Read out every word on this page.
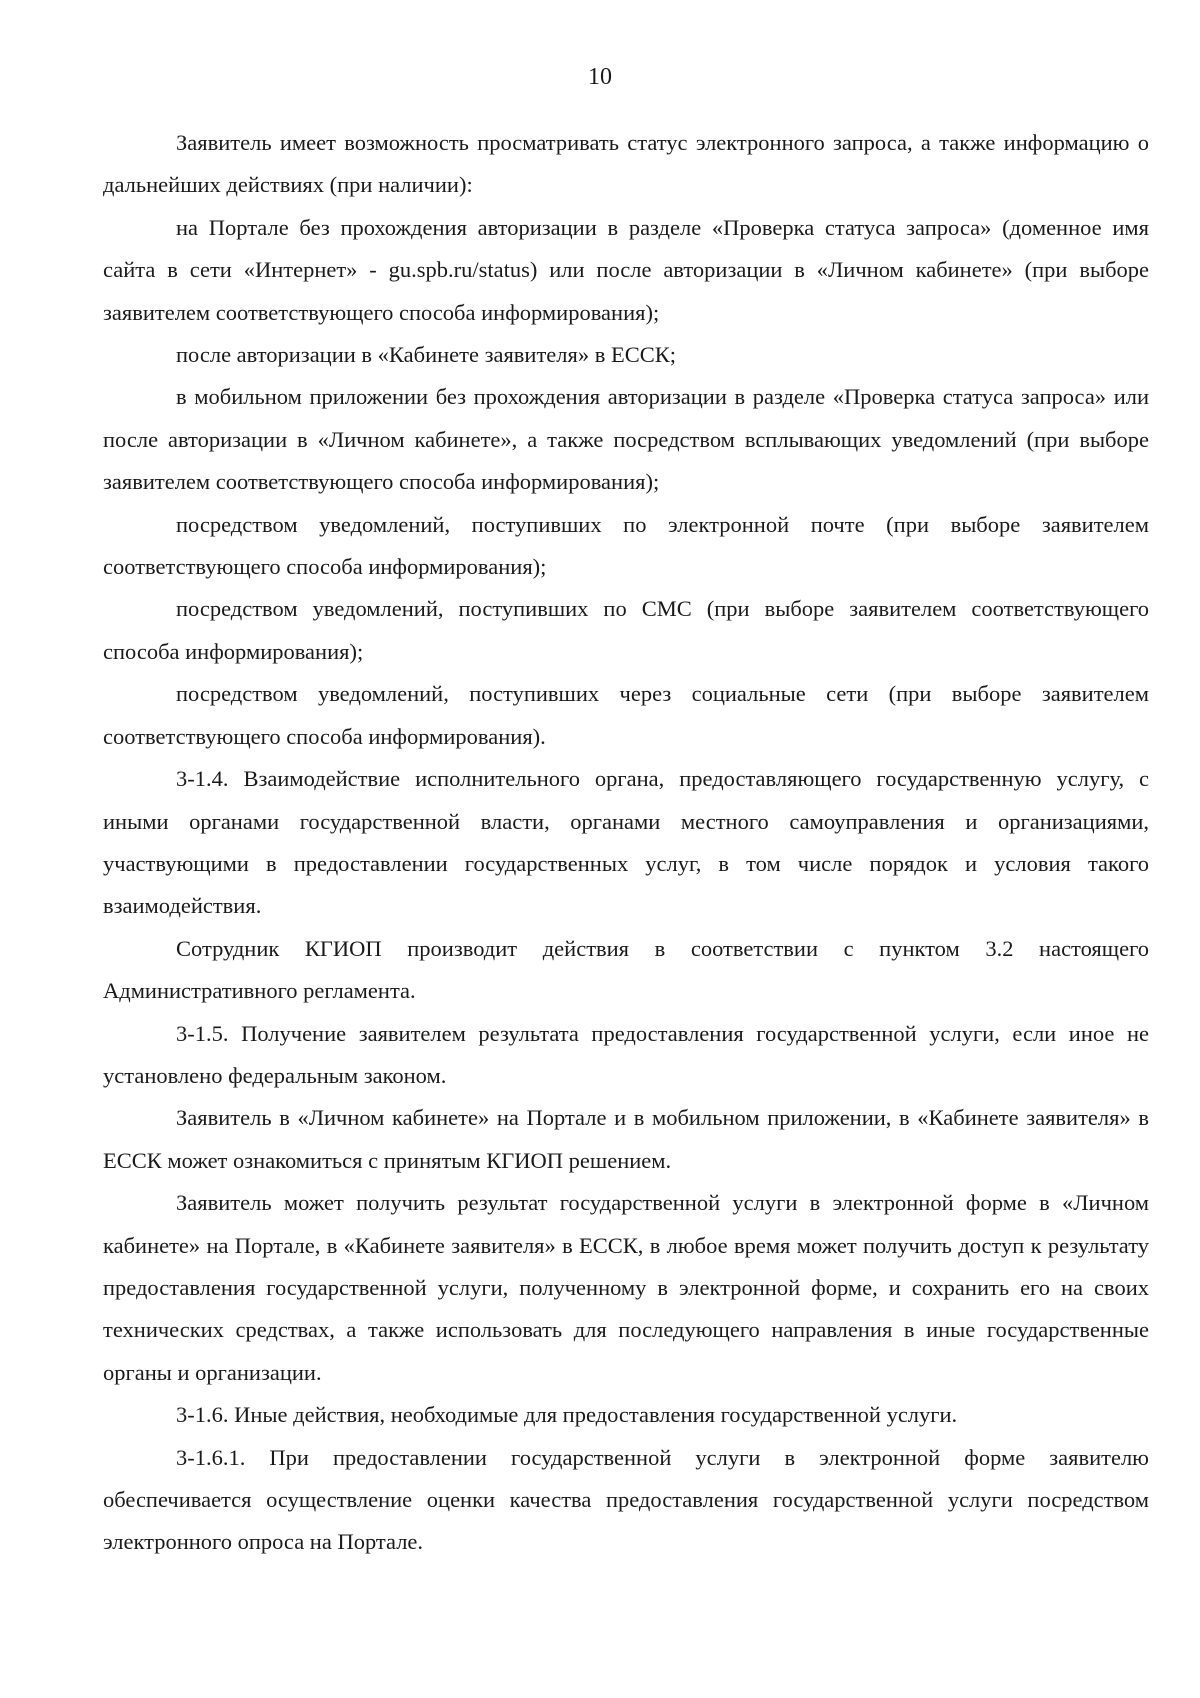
10

Заявитель имеет возможность просматривать статус электронного запроса, а также информацию о дальнейших действиях (при наличии):

на Портале без прохождения авторизации в разделе «Проверка статуса запроса» (доменное имя сайта в сети «Интернет» - gu.spb.ru/status) или после авторизации в «Личном кабинете» (при выборе заявителем соответствующего способа информирования);

после авторизации в «Кабинете заявителя» в ЕССК;

в мобильном приложении без прохождения авторизации в разделе «Проверка статуса запроса» или после авторизации в «Личном кабинете», а также посредством всплывающих уведомлений (при выборе заявителем соответствующего способа информирования);

посредством уведомлений, поступивших по электронной почте (при выборе заявителем соответствующего способа информирования);

посредством уведомлений, поступивших по СМС (при выборе заявителем соответствующего способа информирования);

посредством уведомлений, поступивших через социальные сети (при выборе заявителем соответствующего способа информирования).

3-1.4. Взаимодействие исполнительного органа, предоставляющего государственную услугу, с иными органами государственной власти, органами местного самоуправления и организациями, участвующими в предоставлении государственных услуг, в том числе порядок и условия такого взаимодействия.

Сотрудник КГИОП производит действия в соответствии с пунктом 3.2 настоящего Административного регламента.

3-1.5. Получение заявителем результата предоставления государственной услуги, если иное не установлено федеральным законом.

Заявитель в «Личном кабинете» на Портале и в мобильном приложении, в «Кабинете заявителя» в ЕССК может ознакомиться с принятым КГИОП решением.

Заявитель может получить результат государственной услуги в электронной форме в «Личном кабинете» на Портале, в «Кабинете заявителя» в ЕССК, в любое время может получить доступ к результату предоставления государственной услуги, полученному в электронной форме, и сохранить его на своих технических средствах, а также использовать для последующего направления в иные государственные органы и организации.

3-1.6. Иные действия, необходимые для предоставления государственной услуги.

3-1.6.1. При предоставлении государственной услуги в электронной форме заявителю обеспечивается осуществление оценки качества предоставления государственной услуги посредством электронного опроса на Портале.
